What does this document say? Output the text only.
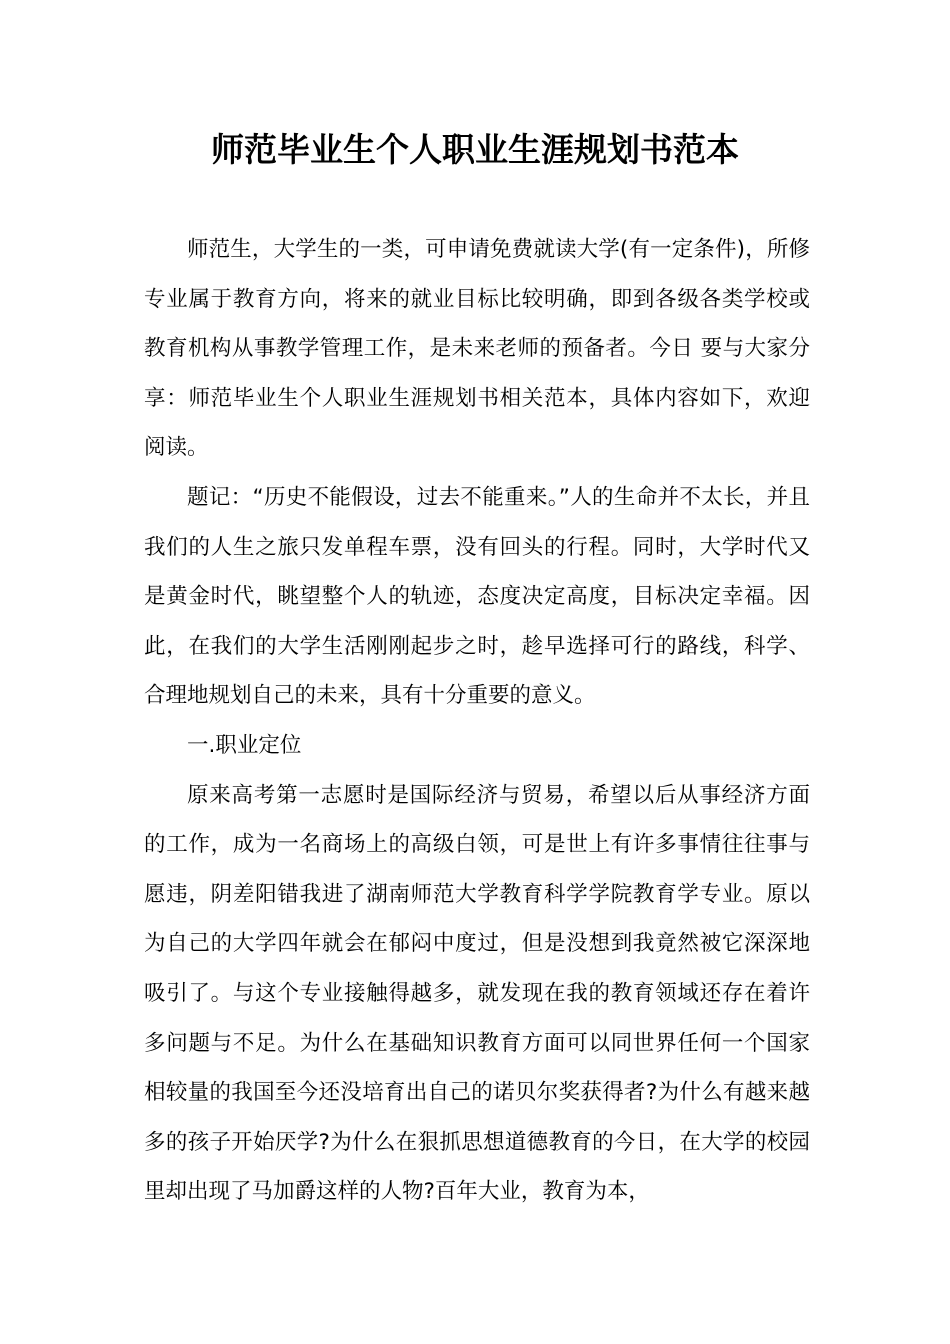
师范毕业生个人职业生涯规划书范本

师范生，大学生的一类，可申请免费就读大学(有一定条件)，所修专业属于教育方向，将来的就业目标比较明确，即到各级各类学校或教育机构从事教学管理工作，是未来老师的预备者。今日 要与大家分享：师范毕业生个人职业生涯规划书相关范本，具体内容如下，欢迎阅读。

题记：“历史不能假设，过去不能重来。”人的生命并不太长，并且我们的人生之旅只发单程车票，没有回头的行程。同时，大学时代又是黄金时代，眺望整个人的轨迹，态度决定高度，目标决定幸福。因此，在我们的大学生活刚刚起步之时，趁早选择可行的路线，科学、合理地规划自己的未来，具有十分重要的意义。

一.职业定位

原来高考第一志愿时是国际经济与贸易，希望以后从事经济方面的工作，成为一名商场上的高级白领，可是世上有许多事情往往事与愿违，阴差阳错我进了湖南师范大学教育科学学院教育学专业。原以为自己的大学四年就会在郁闷中度过，但是没想到我竟然被它深深地吸引了。与这个专业接触得越多，就发现在我的教育领域还存在着许多问题与不足。为什么在基础知识教育方面可以同世界任何一个国家相较量的我国至今还没培育出自己的诺贝尔奖获得者?为什么有越来越多的孩子开始厌学?为什么在狠抓思想道德教育的今日，在大学的校园里却出现了马加爵这样的人物?百年大业，教育为本，
